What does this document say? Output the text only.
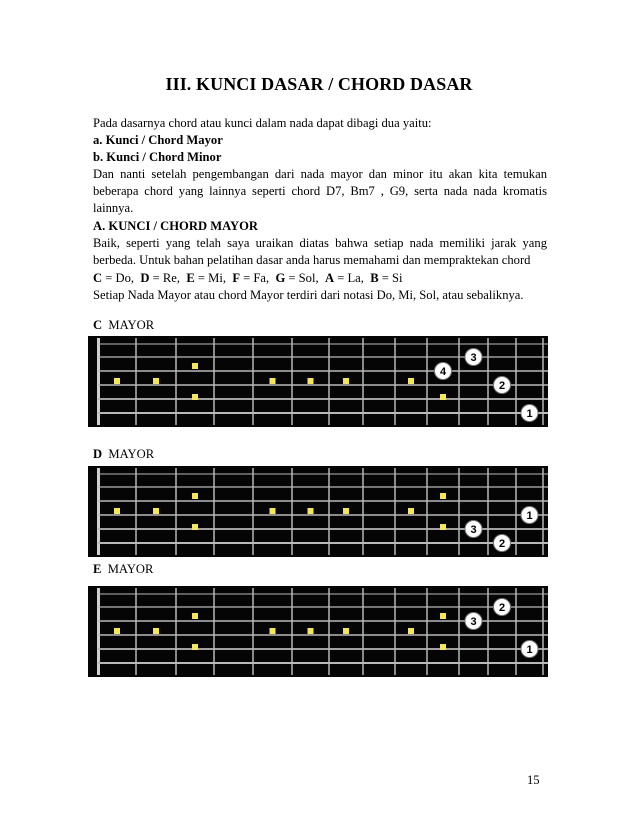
III. KUNCI DASAR / CHORD DASAR

Pada dasarnya chord atau kunci dalam nada dapat dibagi dua yaitu:

a. Kunci / Chord Mayor

b. Kunci / Chord Minor

Dan nanti setelah pengembangan dari nada mayor dan minor itu akan kita temukan beberapa chord yang lainnya seperti chord D7, Bm7 , G9, serta nada nada kromatis lainnya.

A. KUNCI / CHORD MAYOR

Baik, seperti yang telah saya uraikan diatas bahwa setiap nada memiliki jarak yang berbeda. Untuk bahan pelatihan dasar anda harus memahami dan mempraktekan chord

C = Do,  D = Re,  E = Mi,  F = Fa,  G = Sol,  A = La,  B = Si

Setiap Nada Mayor atau chord Mayor terdiri dari notasi Do, Mi, Sol, atau sebaliknya.

C MAYOR
3
4
2
1
D MAYOR
1
3
2
E MAYOR
2
3
1
15
